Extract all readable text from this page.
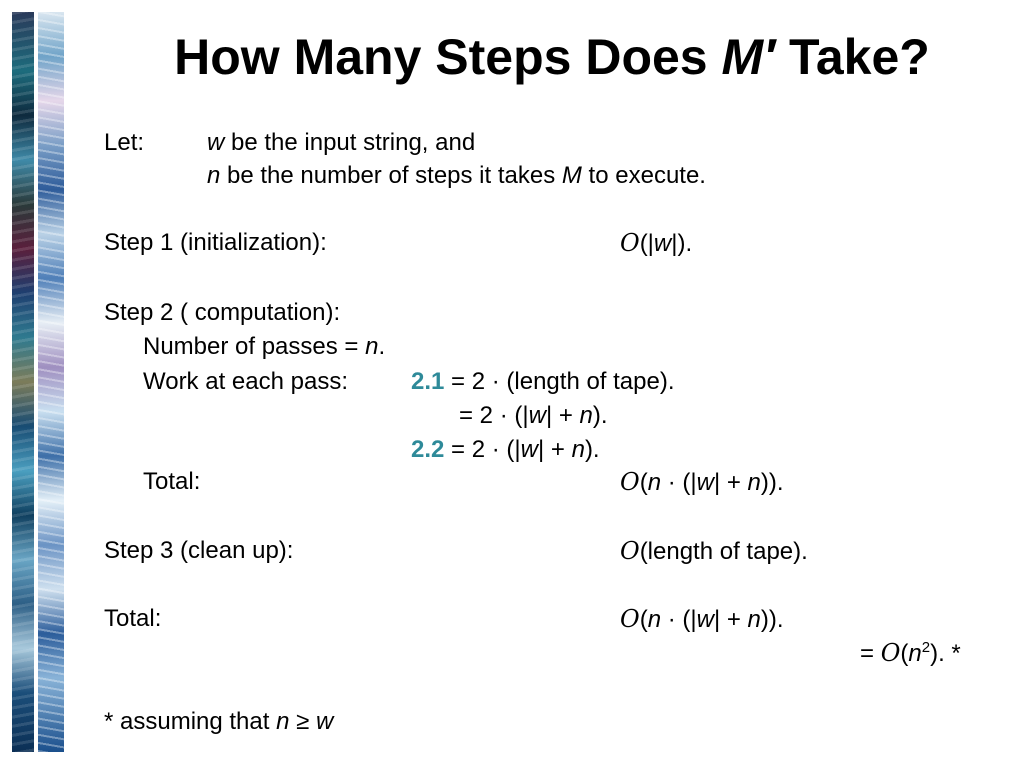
How Many Steps Does M′ Take?
Let:	w be the input string, and
n be the number of steps it takes M to execute.
Step 1 (initialization):	O(|w|).
Step 2 ( computation):
Number of passes = n.
Work at each pass:	2.1 = 2 · (length of tape).
= 2 · (|w| + n).
2.2 = 2 · (|w| + n).
Total:	O(n · (|w| + n)).
Step 3 (clean up):	O(length of tape).
Total:	O(n · (|w| + n)).
= $O(n^2)$. *
* assuming that n ≥ w
